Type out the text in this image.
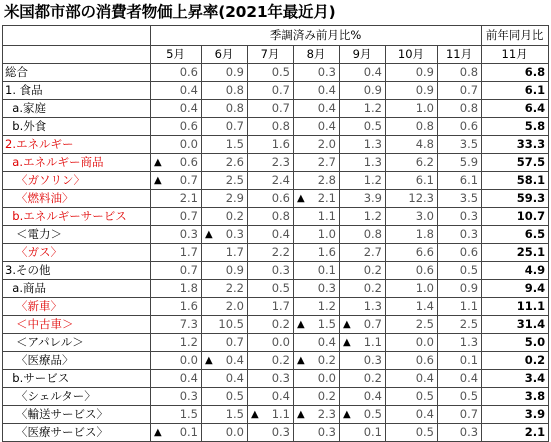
米国都市部の消費者物価上昇率(2021年最近月)
	季調済み前月比%							前年同月比
	5月	6月	7月	8月	9月	10月	11月	11月
総合	0.6	0.9	0.5	0.3	0.4	0.9	0.8	6.8
1. 食品	0.4	0.8	0.7	0.4	0.9	0.9	0.7	6.1
a.家庭	0.4	0.8	0.7	0.4	1.2	1.0	0.8	6.4
b.外食	0.6	0.7	0.8	0.4	0.5	0.8	0.6	5.8
2.エネルギー	0.0	1.5	1.6	2.0	1.3	4.8	3.5	33.3
a.エネルギー商品	▲ 0.6	2.6	2.3	2.7	1.3	6.2	5.9	57.5
〈ガソリン〉	▲ 0.7	2.5	2.4	2.8	1.2	6.1	6.1	58.1
〈燃料油〉	2.1	2.9	0.6	▲ 2.1	3.9	12.3	3.5	59.3
b.エネルギーサービス	0.7	0.2	0.8	1.1	1.2	3.0	0.3	10.7
＜電力＞	0.3	▲ 0.3	0.4	1.0	0.8	1.8	0.3	6.5
〈ガス〉	1.7	1.7	2.2	1.6	2.7	6.6	0.6	25.1
3.その他	0.7	0.9	0.3	0.1	0.2	0.6	0.5	4.9
a.商品	1.8	2.2	0.5	0.3	0.2	1.0	0.9	9.4
〈新車〉	1.6	2.0	1.7	1.2	1.3	1.4	1.1	11.1
＜中古車＞	7.3	10.5	0.2	▲ 1.5	▲ 0.7	2.5	2.5	31.4
＜アパレル＞	1.2	0.7	0.0	0.4	▲ 1.1	0.0	1.3	5.0
〈医療品〉	0.0	▲ 0.4	0.2	▲ 0.2	0.3	0.6	0.1	0.2
b.サービス	0.4	0.4	0.3	0.0	0.2	0.4	0.4	3.4
〈シェルター〉	0.3	0.5	0.4	0.2	0.4	0.5	0.5	3.8
〈輸送サービス〉	1.5	1.5	▲ 1.1	▲ 2.3	▲ 0.5	0.4	0.7	3.9
〈医療サービス〉	▲ 0.1	0.0	0.3	0.3	0.1	0.5	0.3	2.1
